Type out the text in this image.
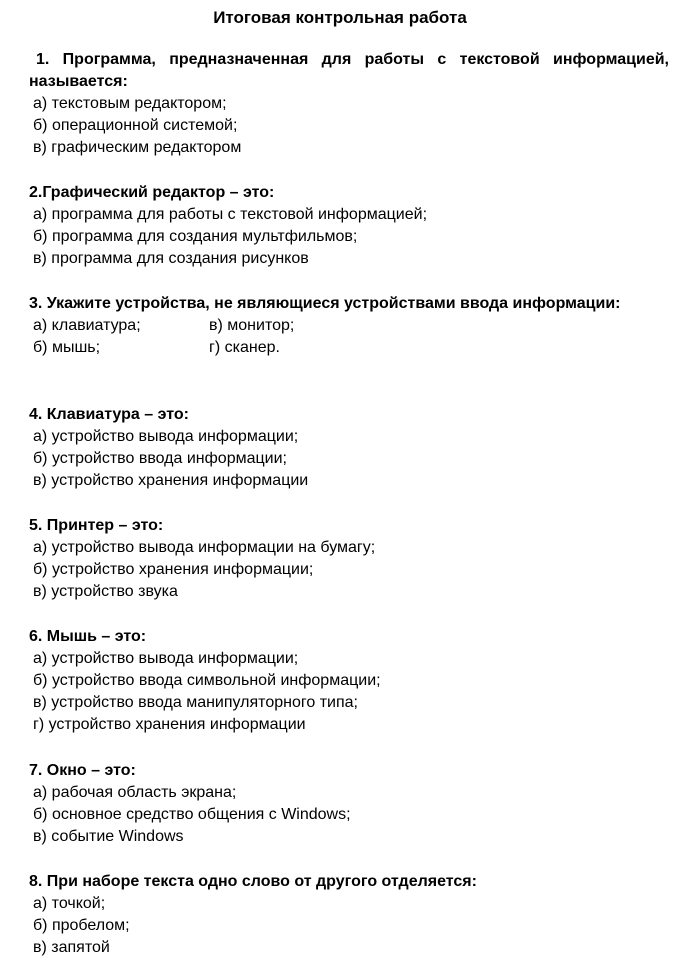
Итоговая контрольная работа

1. Программа, предназначенная для работы с текстовой информацией, называется:

а) текстовым редактором;

б) операционной системой;

в) графическим редактором

2.Графический редактор – это:

а) программа для работы с текстовой информацией;

б) программа для создания мультфильмов;

в) программа для создания рисунков

3. Укажите устройства, не являющиеся устройствами ввода информации:

а) клавиатура;	в) монитор;

б) мышь;	г) сканер.

4. Клавиатура – это:

а) устройство вывода информации;

б) устройство ввода информации;

в) устройство хранения информации

5. Принтер – это:

а) устройство вывода информации на бумагу;

б) устройство хранения информации;

в) устройство звука

6. Мышь – это:

а) устройство вывода информации;

б) устройство ввода символьной информации;

в) устройство ввода манипуляторного типа;

г) устройство хранения информации

7. Окно – это:

а) рабочая область экрана;

б) основное средство общения с Windows;

в) событие Windows

8. При наборе текста одно слово от другого отделяется:

а) точкой;

б) пробелом;

в) запятой
